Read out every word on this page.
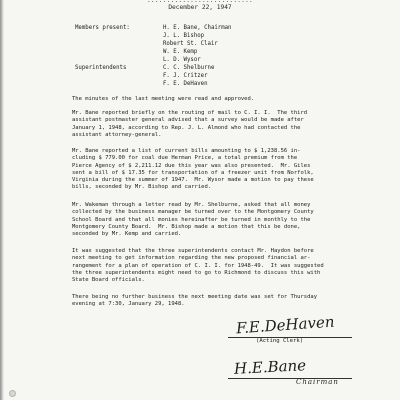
...........................
December 22, 1947
Members present:	H. E. Bane, Chairman
J. L. Bishop
Robert St. Clair
W. E. Kemp
L. D. Wysor
Superintendents	C. C. Shelburne
F. J. Critzer
F. E. DeHaven

The minutes of the last meeting were read and approved.

Mr. Bane reported briefly on the routing of mail to C. I. I.  The third
assistant postmaster general advised that a survey would be made after
January 1, 1948, according to Rep. J. L. Almond who had contacted the
assistant attorney-general.

Mr. Bane reported a list of current bills amounting to $ 1,238.56 in-
cluding $ 779.00 for coal due Herman Price, a total premium from the
Pierce Agency of $ 2,211.12 due this year was also presented.  Mr. Giles
sent a bill of $ 17.35 for transportation of a freezer unit from Norfolk,
Virginia during the summer of 1947.  Mr. Wysor made a motion to pay these
bills, seconded by Mr. Bishop and carried.

Mr. Wakeman through a letter read by Mr. Shelburne, asked that all money
collected by the business manager be turned over to the Montgomery County
School Board and that all monies hereinafter be turned in monthly to the
Montgomery County Board.  Mr. Bishop made a motion that this be done,
seconded by Mr. Kemp and carried.

It was suggested that the three superintendents contact Mr. Haydon before
next meeting to get information regarding the new proposed financial ar-
rangement for a plan of operation of C. I. I. for 1948-49.  It was suggested
the three superintendents might need to go to Richmond to discuss this with
State Board officials.

There being no further business the next meeting date was set for Thursday
evening at 7:30, January 29, 1948.

F.E.DeHaven
(Acting Clerk)
H.E.Bane
Chairman
